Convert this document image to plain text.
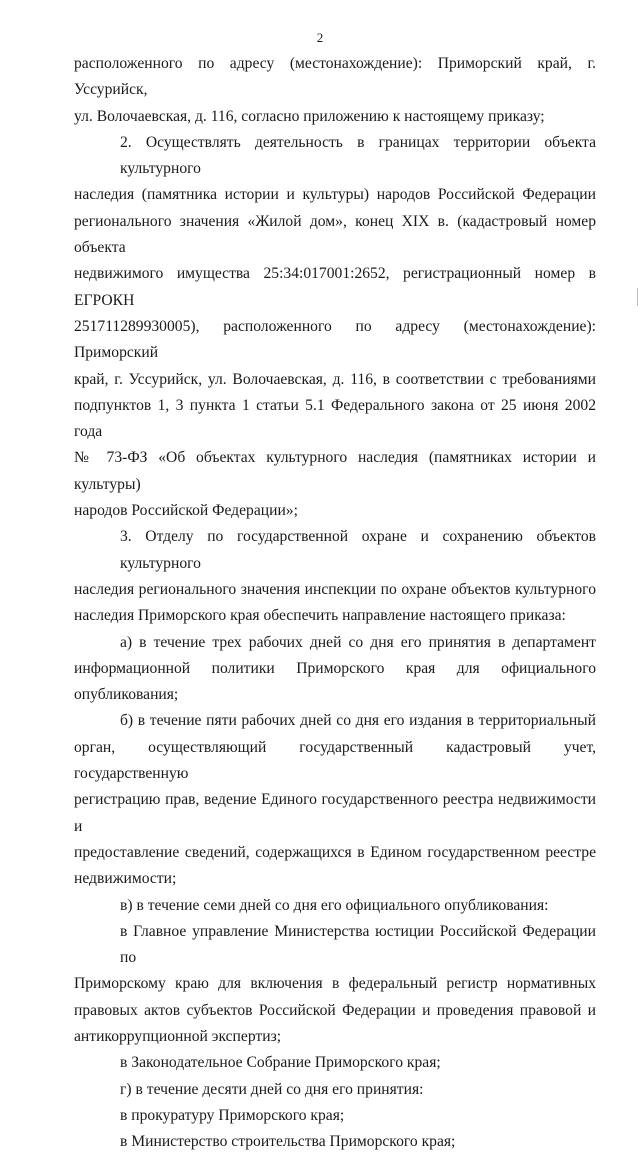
2
расположенного по адресу (местонахождение): Приморский край, г. Уссурийск,
ул. Волочаевская, д. 116, согласно приложению к настоящему приказу;
2. Осуществлять деятельность в границах территории объекта культурного
наследия (памятника истории и культуры) народов Российской Федерации
регионального значения «Жилой дом», конец XIX в. (кадастровый номер объекта
недвижимого имущества 25:34:017001:2652, регистрационный номер в ЕГРОКН
251711289930005), расположенного по адресу (местонахождение): Приморский
край, г. Уссурийск, ул. Волочаевская, д. 116, в соответствии с требованиями
подпунктов 1, 3 пункта 1 статьи 5.1 Федерального закона от 25 июня 2002 года
№ 73-ФЗ «Об объектах культурного наследия (памятниках истории и культуры)
народов Российской Федерации»;
3. Отделу по государственной охране и сохранению объектов культурного
наследия регионального значения инспекции по охране объектов культурного
наследия Приморского края обеспечить направление настоящего приказа:
а) в течение трех рабочих дней со дня его принятия в департамент
информационной политики Приморского края для официального
опубликования;
б) в течение пяти рабочих дней со дня его издания в территориальный
орган, осуществляющий государственный кадастровый учет, государственную
регистрацию прав, ведение Единого государственного реестра недвижимости и
предоставление сведений, содержащихся в Едином государственном реестре
недвижимости;
в) в течение семи дней со дня его официального опубликования:
в Главное управление Министерства юстиции Российской Федерации по
Приморскому краю для включения в федеральный регистр нормативных
правовых актов субъектов Российской Федерации и проведения правовой и
антикоррупционной экспертиз;
в Законодательное Собрание Приморского края;
г) в течение десяти дней со дня его принятия:
в прокуратуру Приморского края;
в Министерство строительства Приморского края;
